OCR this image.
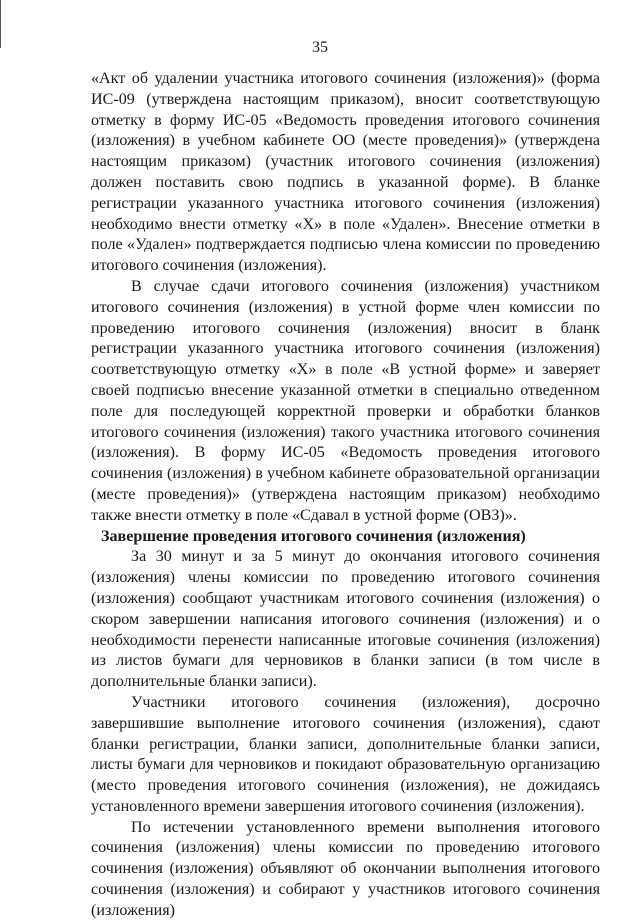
35

«Акт об удалении участника итогового сочинения (изложения)» (форма ИС-09 (утверждена настоящим приказом), вносит соответствующую отметку в форму ИС-05 «Ведомость проведения итогового сочинения (изложения) в учебном кабинете ОО (месте проведения)» (утверждена настоящим приказом) (участник итогового сочинения (изложения) должен поставить свою подпись в указанной форме). В бланке регистрации указанного участника итогового сочинения (изложения) необходимо внести отметку «Х» в поле «Удален». Внесение отметки в поле «Удален» подтверждается подписью члена комиссии по проведению итогового сочинения (изложения).

В случае сдачи итогового сочинения (изложения) участником итогового сочинения (изложения) в устной форме член комиссии по проведению итогового сочинения (изложения) вносит в бланк регистрации указанного участника итогового сочинения (изложения) соответствующую отметку «Х» в поле «В устной форме» и заверяет своей подписью внесение указанной отметки в специально отведенном поле для последующей корректной проверки и обработки бланков итогового сочинения (изложения) такого участника итогового сочинения (изложения). В форму ИС-05 «Ведомость проведения итогового сочинения (изложения) в учебном кабинете образовательной организации (месте проведения)» (утверждена настоящим приказом) необходимо также внести отметку в поле «Сдавал в устной форме (ОВЗ)».

Завершение проведения итогового сочинения (изложения)

За 30 минут и за 5 минут до окончания итогового сочинения (изложения) члены комиссии по проведению итогового сочинения (изложения) сообщают участникам итогового сочинения (изложения) о скором завершении написания итогового сочинения (изложения) и о необходимости перенести написанные итоговые сочинения (изложения) из листов бумаги для черновиков в бланки записи (в том числе в дополнительные бланки записи).

Участники итогового сочинения (изложения), досрочно завершившие выполнение итогового сочинения (изложения), сдают бланки регистрации, бланки записи, дополнительные бланки записи, листы бумаги для черновиков и покидают образовательную организацию (место проведения итогового сочинения (изложения), не дожидаясь установленного времени завершения итогового сочинения (изложения).

По истечении установленного времени выполнения итогового сочинения (изложения) члены комиссии по проведению итогового сочинения (изложения) объявляют об окончании выполнения итогового сочинения (изложения) и собирают у участников итогового сочинения (изложения)
